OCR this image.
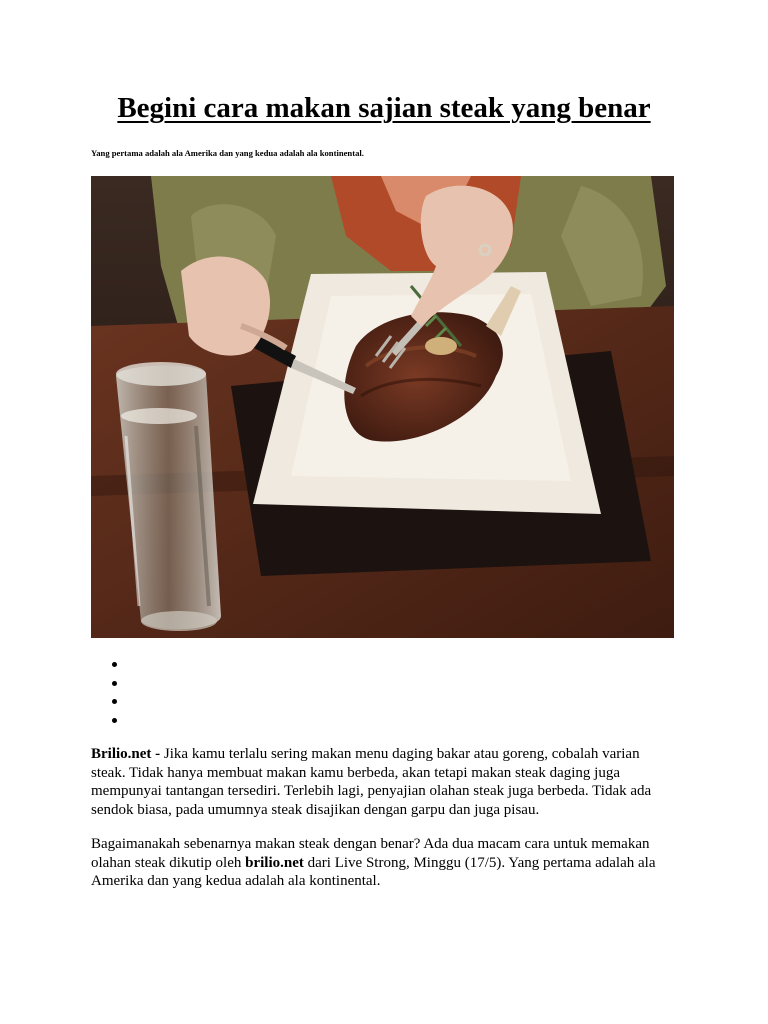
Begini cara makan sajian steak yang benar

Yang pertama adalah ala Amerika dan yang kedua adalah ala kontinental.

Brilio.net - Jika kamu terlalu sering makan menu daging bakar atau goreng, cobalah varian
steak. Tidak hanya membuat makan kamu berbeda, akan tetapi makan steak daging juga
mempunyai tantangan tersediri. Terlebih lagi, penyajian olahan steak juga berbeda. Tidak ada
sendok biasa, pada umumnya steak disajikan dengan garpu dan juga pisau.

Bagaimanakah sebenarnya makan steak dengan benar? Ada dua macam cara untuk memakan
olahan steak dikutip oleh brilio.net dari Live Strong, Minggu (17/5). Yang pertama adalah ala
Amerika dan yang kedua adalah ala kontinental.
